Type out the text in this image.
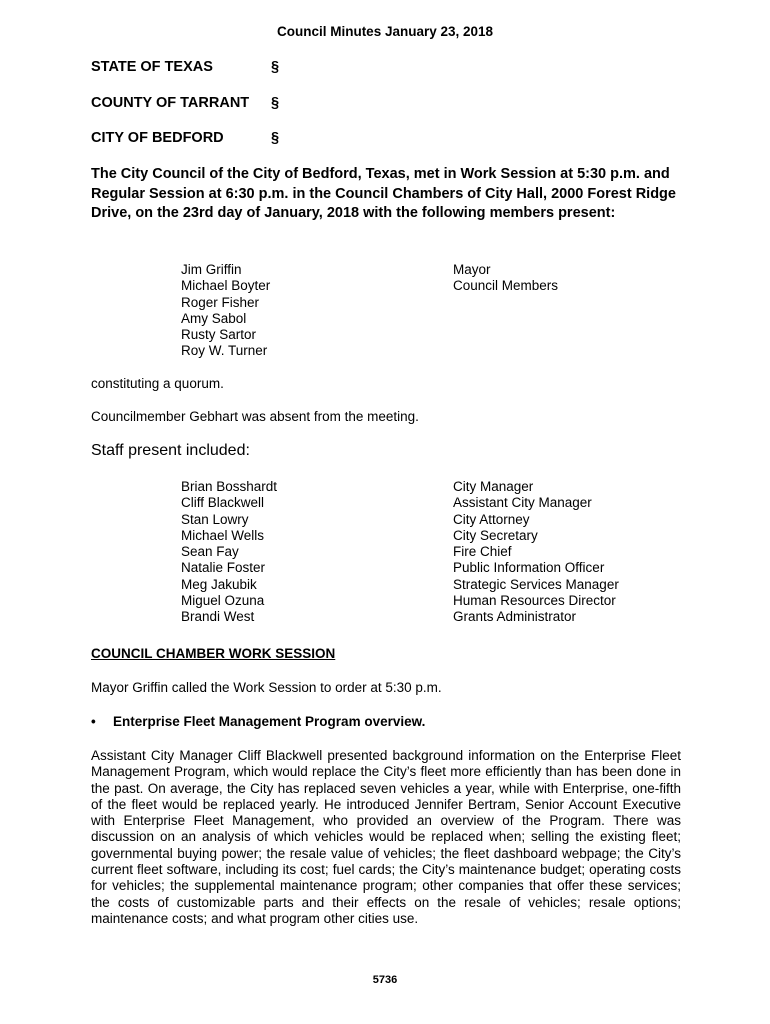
Council Minutes January 23, 2018
STATE OF TEXAS	§
COUNTY OF TARRANT §
CITY OF BEDFORD	§
The City Council of the City of Bedford, Texas, met in Work Session at 5:30 p.m. and Regular Session at 6:30 p.m. in the Council Chambers of City Hall, 2000 Forest Ridge Drive, on the 23rd day of January, 2018 with the following members present:
Jim Griffin
Michael Boyter
Roger Fisher
Amy Sabol
Rusty Sartor
Roy W. Turner
Mayor
Council Members
constituting a quorum.
Councilmember Gebhart was absent from the meeting.
Staff present included:
Brian Bosshardt
Cliff Blackwell
Stan Lowry
Michael Wells
Sean Fay
Natalie Foster
Meg Jakubik
Miguel Ozuna
Brandi West
City Manager
Assistant City Manager
City Attorney
City Secretary
Fire Chief
Public Information Officer
Strategic Services Manager
Human Resources Director
Grants Administrator
COUNCIL CHAMBER WORK SESSION
Mayor Griffin called the Work Session to order at 5:30 p.m.
• Enterprise Fleet Management Program overview.
Assistant City Manager Cliff Blackwell presented background information on the Enterprise Fleet Management Program, which would replace the City’s fleet more efficiently than has been done in the past. On average, the City has replaced seven vehicles a year, while with Enterprise, one-fifth of the fleet would be replaced yearly. He introduced Jennifer Bertram, Senior Account Executive with Enterprise Fleet Management, who provided an overview of the Program. There was discussion on an analysis of which vehicles would be replaced when; selling the existing fleet; governmental buying power; the resale value of vehicles; the fleet dashboard webpage; the City’s current fleet software, including its cost; fuel cards; the City’s maintenance budget; operating costs for vehicles; the supplemental maintenance program; other companies that offer these services; the costs of customizable parts and their effects on the resale of vehicles; resale options; maintenance costs; and what program other cities use.
5736
